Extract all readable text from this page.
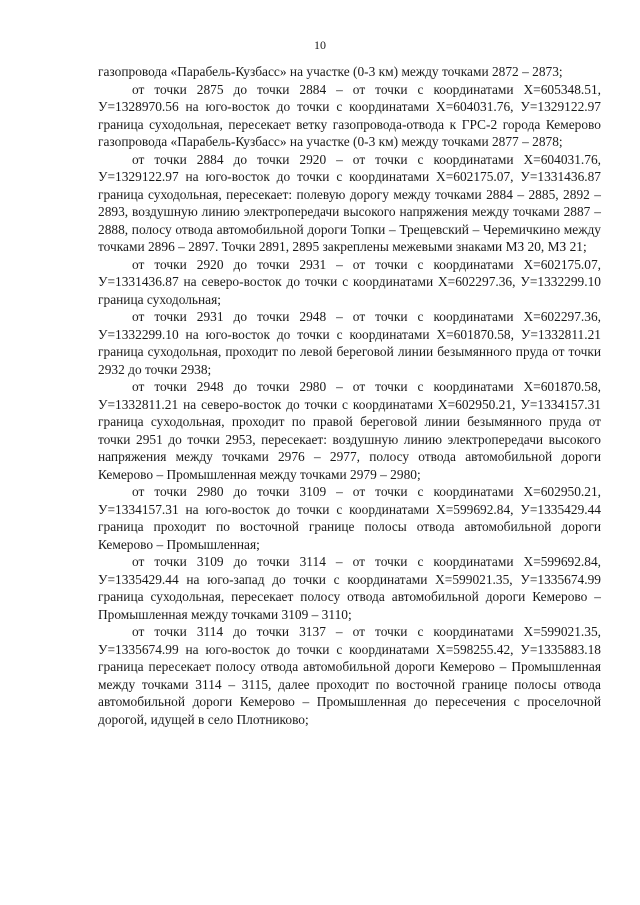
10

газопровода «Парабель-Кузбасс» на участке (0-3 км) между точками 2872 – 2873;

от точки 2875 до точки 2884 – от точки с координатами X=605348.51, У=1328970.56 на юго-восток до точки с координатами X=604031.76, У=1329122.97 граница суходольная, пересекает ветку газопровода-отвода к ГРС-2 города Кемерово газопровода «Парабель-Кузбасс» на участке (0-3 км) между точками 2877 – 2878;

от точки 2884 до точки 2920 – от точки с координатами X=604031.76, У=1329122.97 на юго-восток до точки с координатами X=602175.07, У=1331436.87 граница суходольная, пересекает: полевую дорогу между точками 2884 – 2885, 2892 – 2893, воздушную линию электропередачи высокого напряжения между точками 2887 – 2888, полосу отвода автомобильной дороги Топки – Трещевский – Черемичкино между точками 2896 – 2897. Точки 2891, 2895 закреплены межевыми знаками МЗ 20, МЗ 21;

от точки 2920 до точки 2931 – от точки с координатами X=602175.07, У=1331436.87 на северо-восток до точки с координатами X=602297.36, У=1332299.10 граница суходольная;

от точки 2931 до точки 2948 – от точки с координатами X=602297.36, У=1332299.10 на юго-восток до точки с координатами X=601870.58, У=1332811.21 граница суходольная, проходит по левой береговой линии безымянного пруда от точки 2932 до точки 2938;

от точки 2948 до точки 2980 – от точки с координатами X=601870.58, У=1332811.21 на северо-восток до точки с координатами X=602950.21, У=1334157.31 граница суходольная, проходит по правой береговой линии безымянного пруда от точки 2951 до точки 2953, пересекает: воздушную линию электропередачи высокого напряжения между точками 2976 – 2977, полосу отвода автомобильной дороги Кемерово – Промышленная между точками 2979 – 2980;

от точки 2980 до точки 3109 – от точки с координатами X=602950.21, У=1334157.31 на юго-восток до точки с координатами X=599692.84, У=1335429.44 граница проходит по восточной границе полосы отвода автомобильной дороги Кемерово – Промышленная;

от точки 3109 до точки 3114 – от точки с координатами X=599692.84, У=1335429.44 на юго-запад до точки с координатами X=599021.35, У=1335674.99 граница суходольная, пересекает полосу отвода автомобильной дороги Кемерово – Промышленная между точками 3109 – 3110;

от точки 3114 до точки 3137 – от точки с координатами X=599021.35, У=1335674.99 на юго-восток до точки с координатами X=598255.42, У=1335883.18 граница пересекает полосу отвода автомобильной дороги Кемерово – Промышленная между точками 3114 – 3115, далее проходит по восточной границе полосы отвода автомобильной дороги Кемерово – Промышленная до пересечения с проселочной дорогой, идущей в село Плотниково;
